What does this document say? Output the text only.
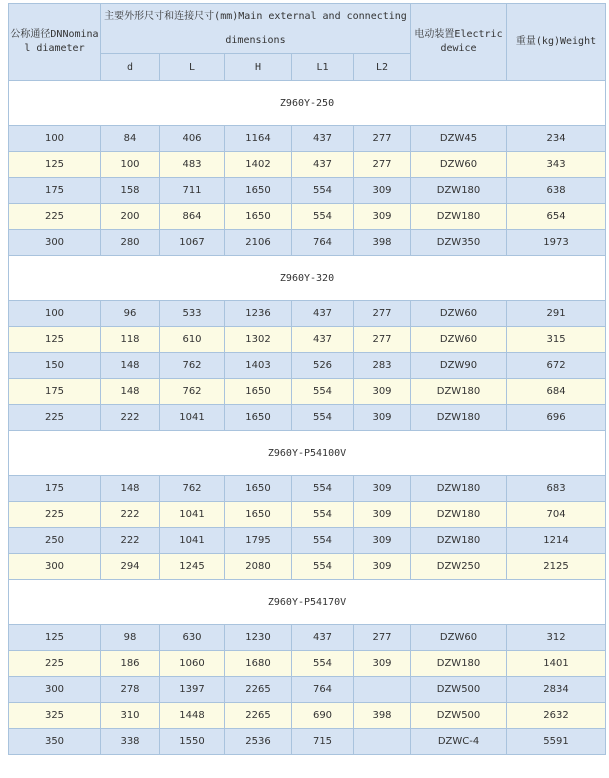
公称通径DNNominal diameter	主要外形尺寸和连接尺寸(mm)Main external and connecting dimensions					电动装置Electric dewice	重量(kg)Weight
	d	L	H	L1	L2		
Z960Y-250							
100	84	406	1164	437	277	DZW45	234
125	100	483	1402	437	277	DZW60	343
175	158	711	1650	554	309	DZW180	638
225	200	864	1650	554	309	DZW180	654
300	280	1067	2106	764	398	DZW350	1973
Z960Y-320							
100	96	533	1236	437	277	DZW60	291
125	118	610	1302	437	277	DZW60	315
150	148	762	1403	526	283	DZW90	672
175	148	762	1650	554	309	DZW180	684
225	222	1041	1650	554	309	DZW180	696
Z960Y-P54100V							
175	148	762	1650	554	309	DZW180	683
225	222	1041	1650	554	309	DZW180	704
250	222	1041	1795	554	309	DZW180	1214
300	294	1245	2080	554	309	DZW250	2125
Z960Y-P54170V							
125	98	630	1230	437	277	DZW60	312
225	186	1060	1680	554	309	DZW180	1401
300	278	1397	2265	764		DZW500	2834
325	310	1448	2265	690	398	DZW500	2632
350	338	1550	2536	715		DZWC-4	5591
